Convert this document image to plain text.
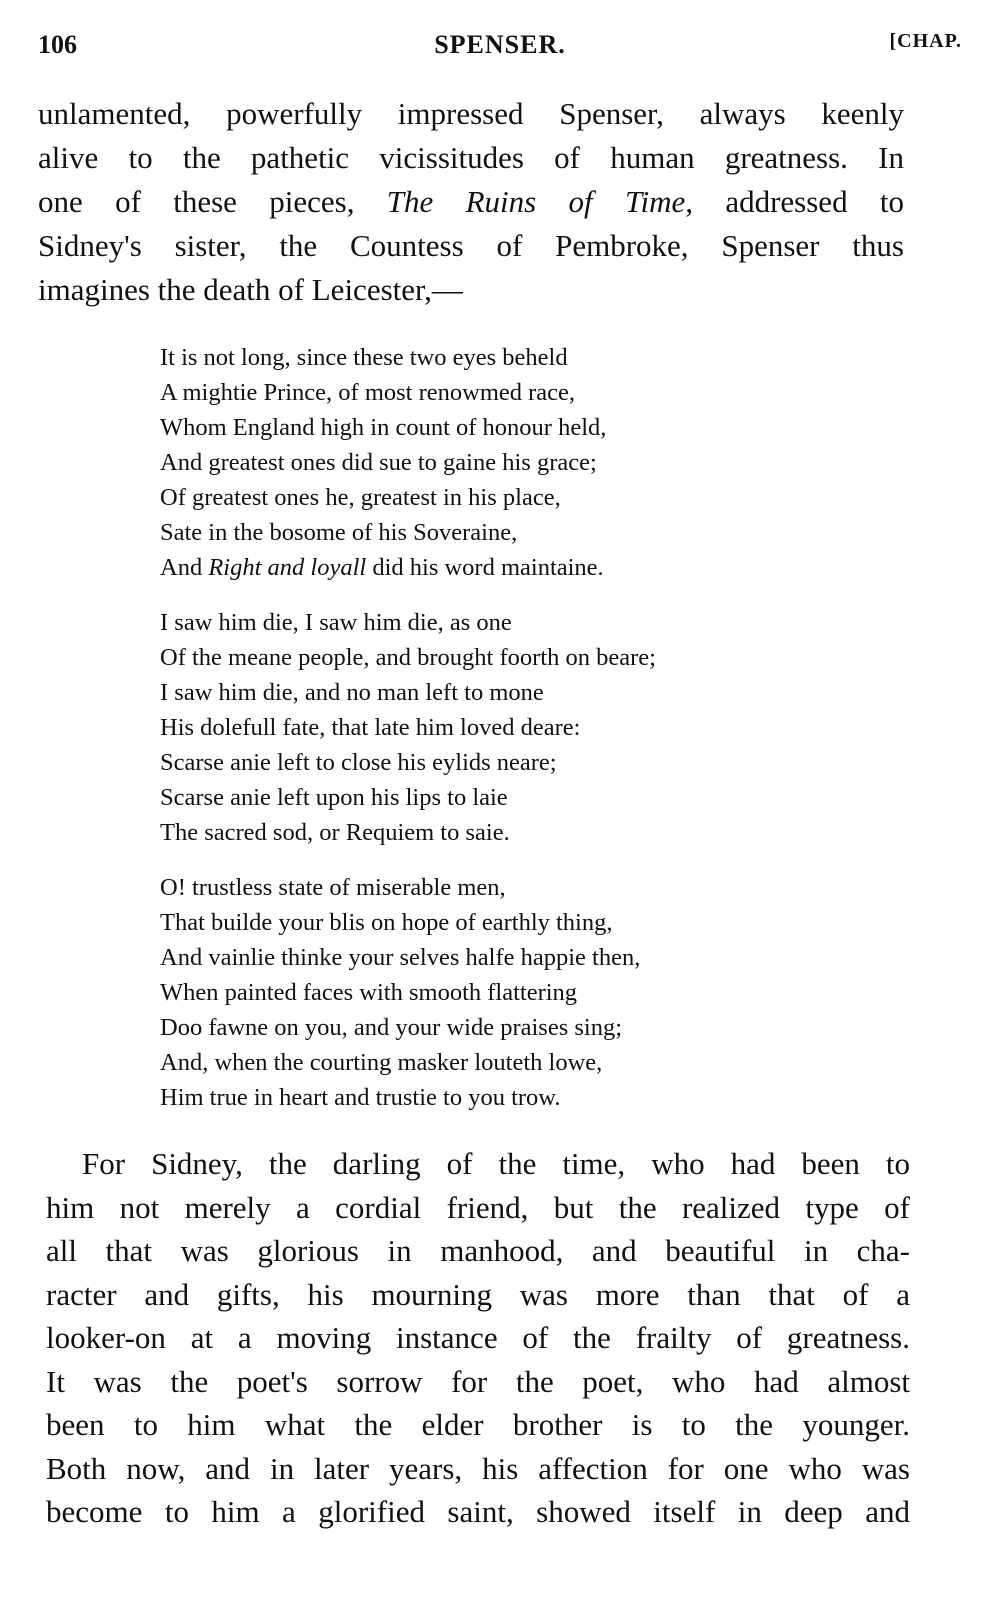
106	SPENSER.	[CHAP.

unlamented, powerfully impressed Spenser, always keenly
alive to the pathetic vicissitudes of human greatness. In
one of these pieces, The Ruins of Time, addressed to
Sidney's sister, the Countess of Pembroke, Spenser thus
imagines the death of Leicester,—

It is not long, since these two eyes beheld
A mightie Prince, of most renowmed race,
Whom England high in count of honour held,
And greatest ones did sue to gaine his grace;
Of greatest ones he, greatest in his place,
Sate in the bosome of his Soveraine,
And Right and loyall did his word maintaine.
I saw him die, I saw him die, as one
Of the meane people, and brought foorth on beare;
I saw him die, and no man left to mone
His dolefull fate, that late him loved deare:
Scarse anie left to close his eylids neare;
Scarse anie left upon his lips to laie
The sacred sod, or Requiem to saie.
O! trustless state of miserable men,
That builde your blis on hope of earthly thing,
And vainlie thinke your selves halfe happie then,
When painted faces with smooth flattering
Doo fawne on you, and your wide praises sing;
And, when the courting masker louteth lowe,
Him true in heart and trustie to you trow.

For Sidney, the darling of the time, who had been to
him not merely a cordial friend, but the realized type of
all that was glorious in manhood, and beautiful in cha-
racter and gifts, his mourning was more than that of a
looker-on at a moving instance of the frailty of greatness.
It was the poet's sorrow for the poet, who had almost
been to him what the elder brother is to the younger.
Both now, and in later years, his affection for one who was
become to him a glorified saint, showed itself in deep and
